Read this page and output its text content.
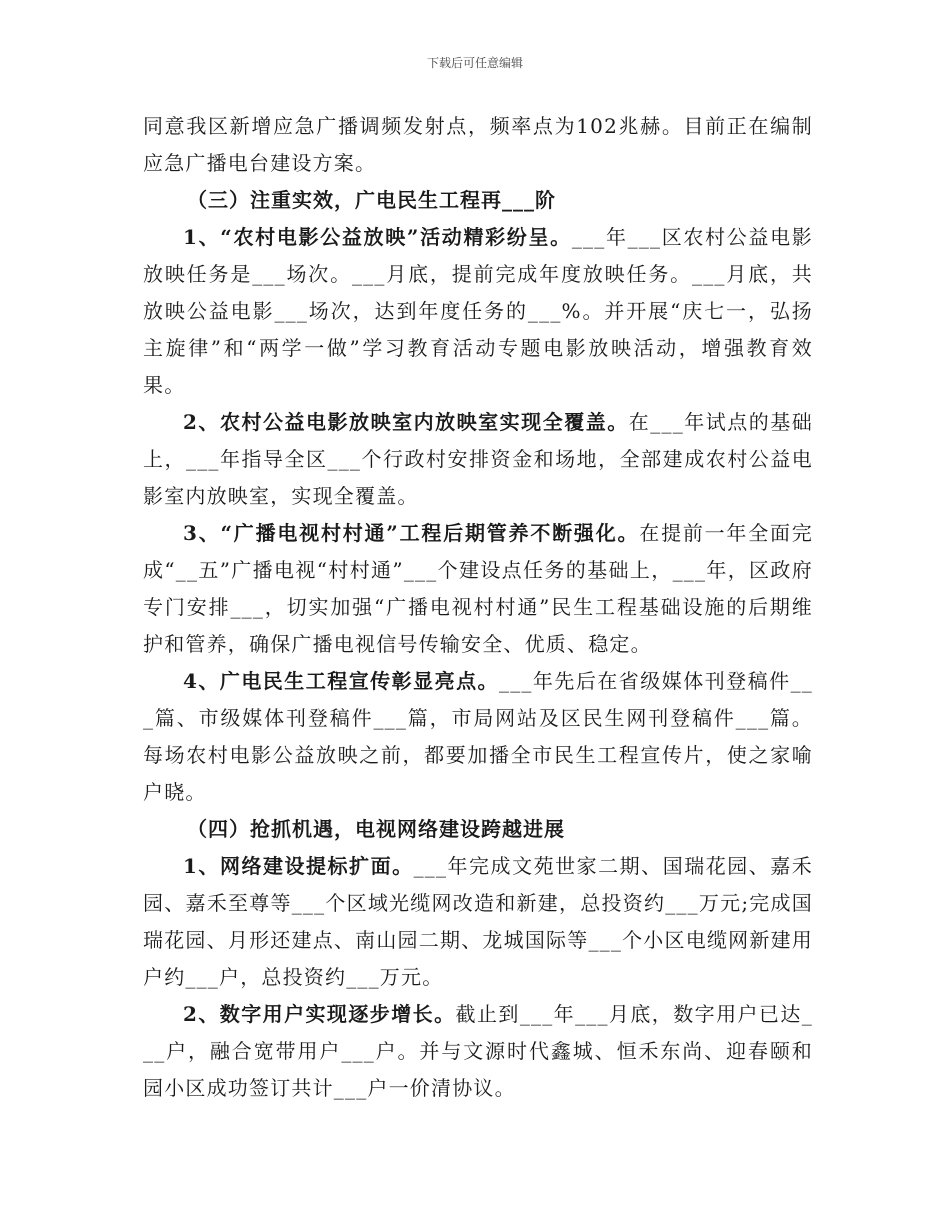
下载后可任意编辑

同意我区新增应急广播调频发射点，频率点为102兆赫。目前正在编制应急广播电台建设方案。

（三）注重实效，广电民生工程再___阶

1、“农村电影公益放映”活动精彩纷呈。___年___区农村公益电影放映任务是___场次。___月底，提前完成年度放映任务。___月底，共放映公益电影___场次，达到年度任务的___%。并开展“庆七一，弘扬主旋律”和“两学一做”学习教育活动专题电影放映活动，增强教育效果。

2、农村公益电影放映室内放映室实现全覆盖。在___年试点的基础上，___年指导全区___个行政村安排资金和场地，全部建成农村公益电影室内放映室，实现全覆盖。

3、“广播电视村村通”工程后期管养不断强化。在提前一年全面完成“__五”广播电视“村村通”___个建设点任务的基础上，___年，区政府专门安排___，切实加强“广播电视村村通”民生工程基础设施的后期维护和管养，确保广播电视信号传输安全、优质、稳定。

4、广电民生工程宣传彰显亮点。___年先后在省级媒体刊登稿件___篇、市级媒体刊登稿件___篇，市局网站及区民生网刊登稿件___篇。每场农村电影公益放映之前，都要加播全市民生工程宣传片，使之家喻户晓。

（四）抢抓机遇，电视网络建设跨越进展

1、网络建设提标扩面。___年完成文苑世家二期、国瑞花园、嘉禾园、嘉禾至尊等___个区域光缆网改造和新建，总投资约___万元;完成国瑞花园、月形还建点、南山园二期、龙城国际等___个小区电缆网新建用户约___户，总投资约___万元。

2、数字用户实现逐步增长。截止到___年___月底，数字用户已达___户，融合宽带用户___户。并与文源时代鑫城、恒禾东尚、迎春颐和园小区成功签订共计___户一价清协议。
